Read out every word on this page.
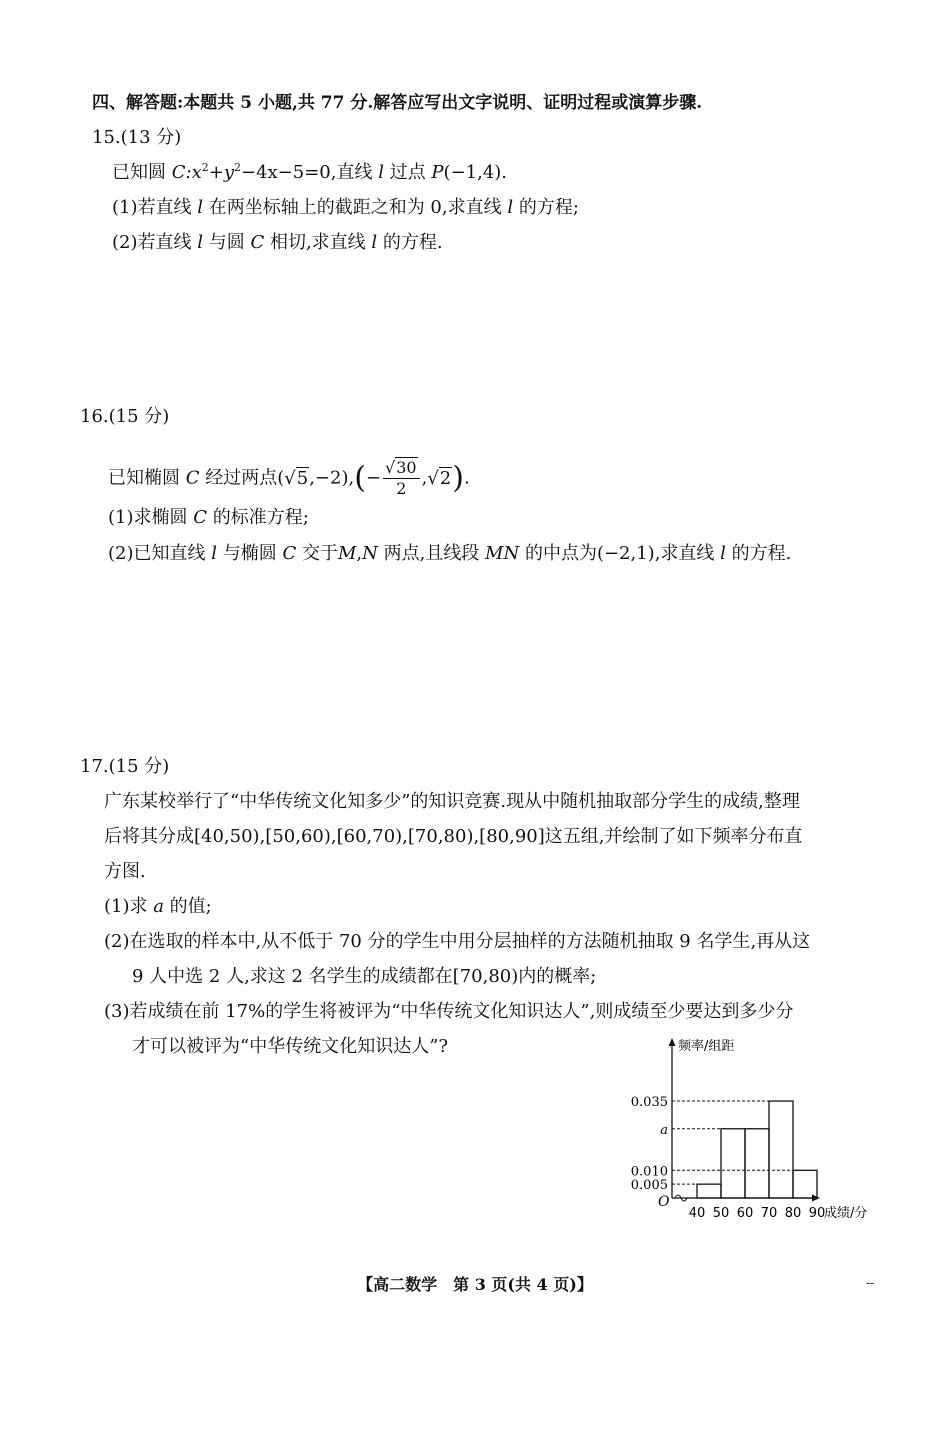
四、解答题:本题共 5 小题,共 77 分.解答应写出文字说明、证明过程或演算步骤.
15.(13 分)
已知圆 $C:x^2+y^2-4x-5=0$,直线 l 过点 P(−1,4).
(1)若直线 l 在两坐标轴上的截距之和为 0,求直线 l 的方程;
(2)若直线 l 与圆 C 相切,求直线 l 的方程.
16.(15 分)
已知椭圆 C 经过两点$(√5,-2),(- \frac{√30}{2} ,√2)$.
(1)求椭圆 C 的标准方程;
(2)已知直线 l 与椭圆 C 交于M,N 两点,且线段 MN 的中点为(−2,1),求直线 l 的方程.
17.(15 分)
广东某校举行了“中华传统文化知多少”的知识竞赛.现从中随机抽取部分学生的成绩,整理
后将其分成[40,50),[50,60),[60,70),[70,80),[80,90]这五组,并绘制了如下频率分布直
方图.
(1)求 a 的值;
(2)在选取的样本中,从不低于 70 分的学生中用分层抽样的方法随机抽取 9 名学生,再从这
9 人中选 2 人,求这 2 名学生的成绩都在[70,80)内的概率;
(3)若成绩在前 17%的学生将被评为“中华传统文化知识达人”,则成绩至少要达到多少分
才可以被评为“中华传统文化知识达人”?
O
频率/组距
成绩/分
0.035
a
0.010
0.005
40 50 60 70 80 90
【高二数学　第 3 页(共 4 页)】	--
